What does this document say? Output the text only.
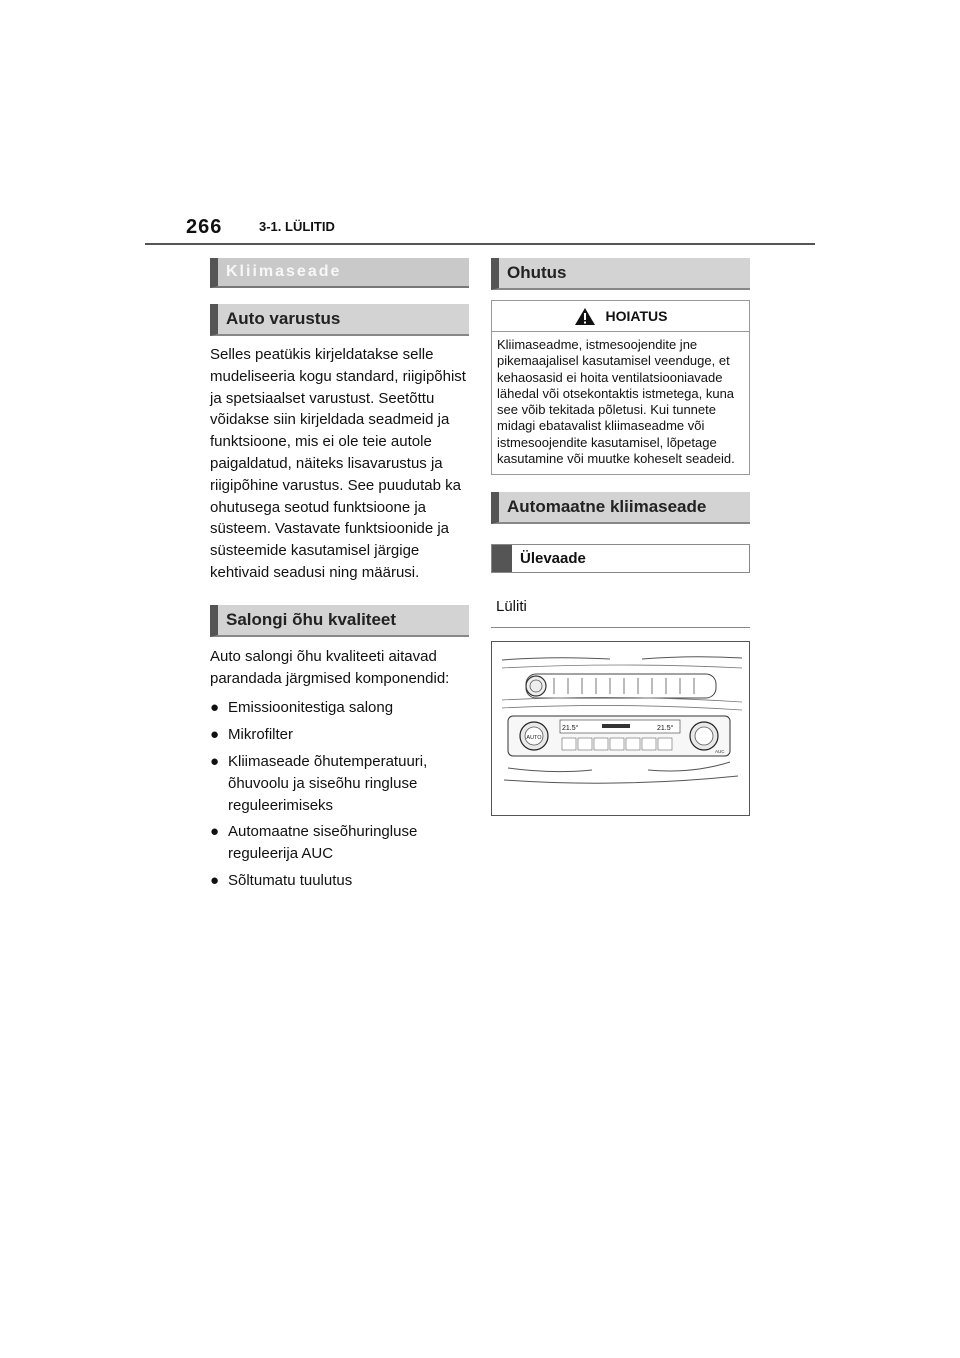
266	3-1. LÜLITID
Kliimaseade
Auto varustus

Selles peatükis kirjeldatakse selle mudeliseeria kogu standard, riigipõhist ja spetsiaalset varustust. Seetõttu võidakse siin kirjeldada seadmeid ja funktsioone, mis ei ole teie autole paigaldatud, näiteks lisavarustus ja riigipõhine varustus. See puudutab ka ohutusega seotud funktsioone ja süsteem. Vastavate funktsioonide ja süsteemide kasutamisel järgige kehtivaid seadusi ning määrusi.

Salongi õhu kvaliteet

Auto salongi õhu kvaliteeti aitavad parandada järgmised komponendid:

● Emissioonitestiga salong
● Mikrofilter
● Kliimaseade õhutemperatuuri, õhuvoolu ja siseõhu ringluse reguleerimiseks
● Automaatne siseõhuringluse reguleerija AUC
● Sõltumatu tuulutus
Ohutus
HOIATUS
Kliimaseadme, istmesoojendite jne pikemaajalisel kasutamisel veenduge, et kehaosasid ei hoita ventilatsiooniavade lähedal või otsekontaktis istmetega, kuna see võib tekitada põletusi. Kui tunnete midagi ebatavalist kliimaseadme või istmesoojendite kasutamisel, lõpetage kasutamine või muutke koheselt seadeid.
Automaatne kliimaseade
Ülevaade
Lüliti
AUTO
21.5°	21.5°
AUC
